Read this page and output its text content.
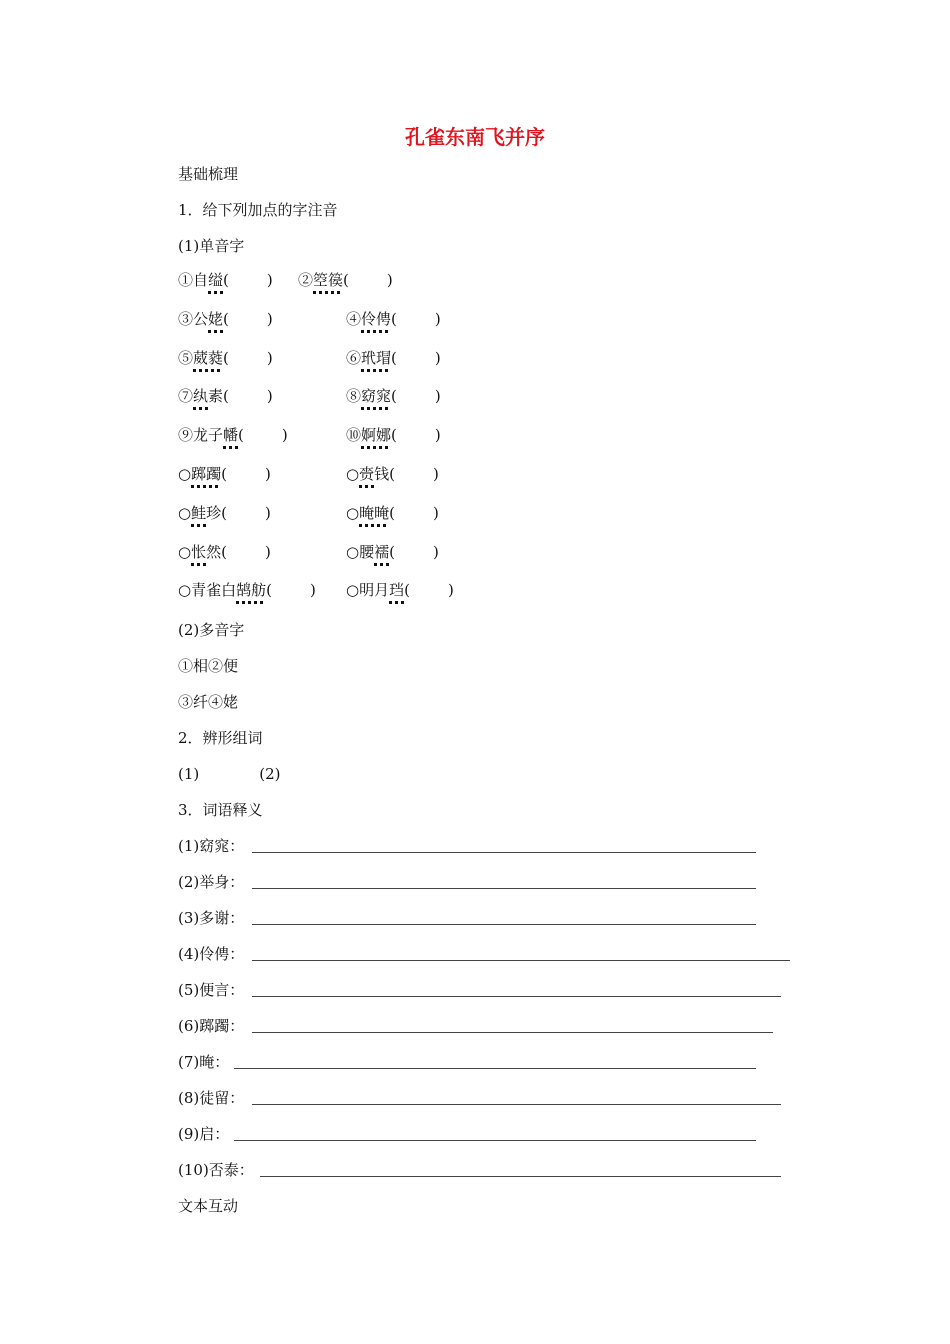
孔雀东南飞并序
基础梳理
1．给下列加点的字注音
(1)单音字
①自缢(	) ②箜篌(	)
③公姥(	)	④伶俜(	)
⑤葳蕤(	)	⑥玳瑁(	)
⑦纨素(	)	⑧窈窕(	)
⑨龙子幡(	)	⑩婀娜(	)
○踯躅(	)	○赍钱(	)
○鲑珍(	)	○晻晻(	)
○怅然(	)	○腰襦(	)
○青雀白鹄舫(	) ○明月珰(	)
(2)多音字
①相②便
③纤④姥
2．辨形组词
(1)　　　　(2)
3．词语释义
(1)窈窕：
(2)举身：
(3)多谢：
(4)伶俜：
(5)便言：
(6)踯躅：
(7)晻：
(8)徒留：
(9)启：
(10)否泰：
文本互动
